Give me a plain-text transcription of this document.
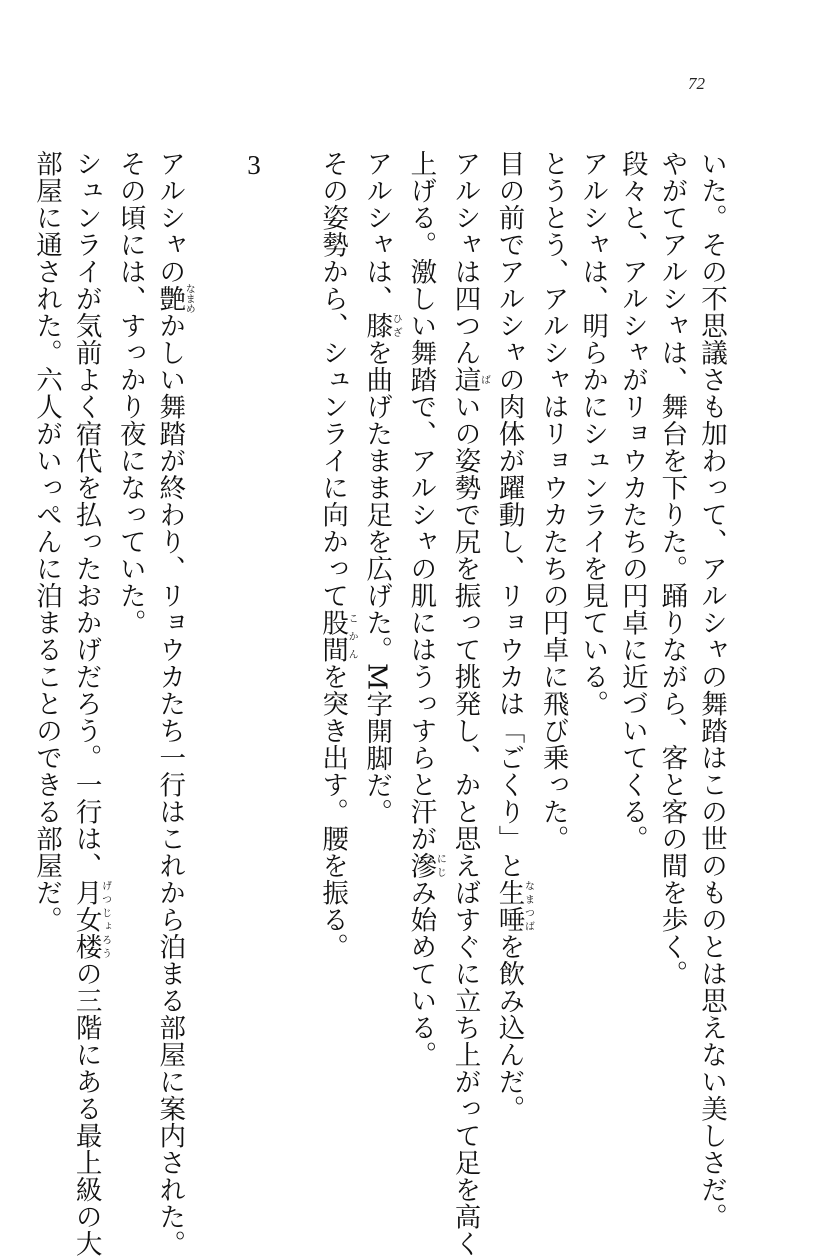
72

いた。その不思議さも加わって、アルシャの舞踏はこの世のものとは思えない美しさだ。

やがてアルシャは、舞台を下りた。踊りながら、客と客の間を歩く。

段々と、アルシャがリョウカたちの円卓に近づいてくる。

アルシャは、明らかにシュンライを見ている。

とうとう、アルシャはリョウカたちの円卓に飛び乗った。

目の前でアルシャの肉体が躍動し、リョウカは「ごくり」と生唾なまつばを飲み込んだ。

アルシャは四つん這ばいの姿勢で尻を振って挑発し、かと思えばすぐに立ち上がって足を高く

上げる。激しい舞踏で、アルシャの肌にはうっすらと汗が滲にじみ始めている。

アルシャは、膝ひざを曲げたまま足を広げた。M字開脚だ。

その姿勢から、シュンライに向かって股間こかんを突き出す。腰を振る。

3

アルシャの艶なまめかしい舞踏が終わり、リョウカたち一行はこれから泊まる部屋に案内された。

その頃には、すっかり夜になっていた。

シュンライが気前よく宿代を払ったおかげだろう。一行は、月女楼げつじょろうの三階にある最上級の大

部屋に通された。六人がいっぺんに泊まることのできる部屋だ。
